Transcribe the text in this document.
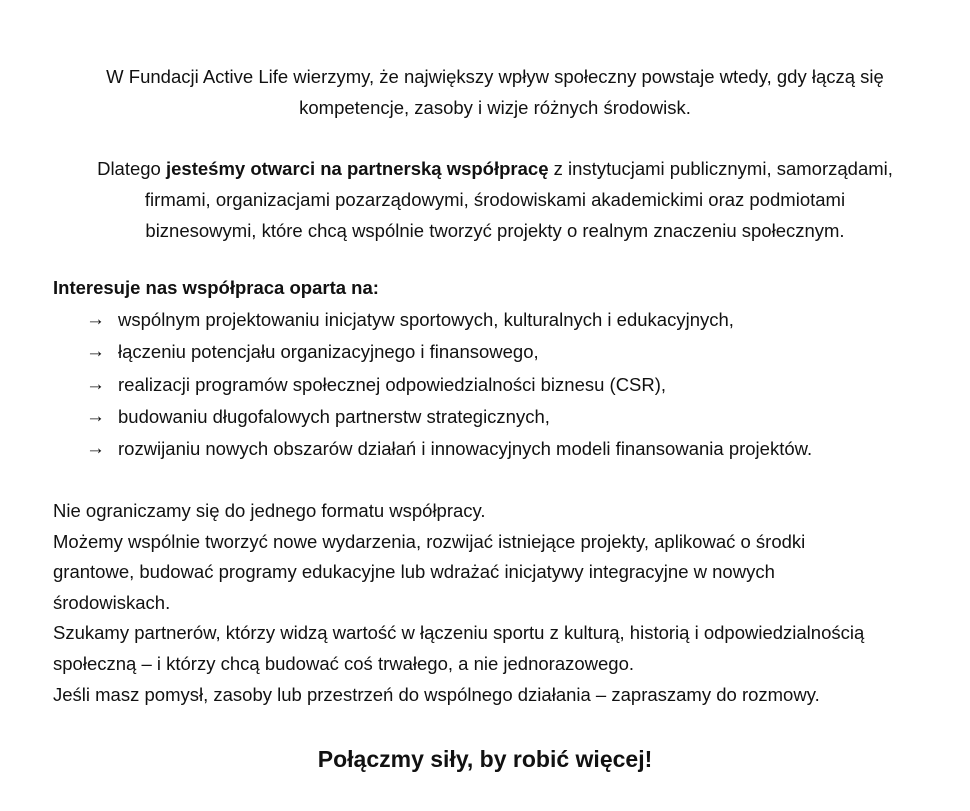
W Fundacji Active Life wierzymy, że największy wpływ społeczny powstaje wtedy, gdy łączą się
kompetencje, zasoby i wizje różnych środowisk.
Dlatego jesteśmy otwarci na partnerską współpracę z instytucjami publicznymi, samorządami,
firmami, organizacjami pozarządowymi, środowiskami akademickimi oraz podmiotami
biznesowymi, które chcą wspólnie tworzyć projekty o realnym znaczeniu społecznym.

Interesuje nas współpraca oparta na:

→ wspólnym projektowaniu inicjatyw sportowych, kulturalnych i edukacyjnych,
→ łączeniu potencjału organizacyjnego i finansowego,
→ realizacji programów społecznej odpowiedzialności biznesu (CSR),
→ budowaniu długofalowych partnerstw strategicznych,
→ rozwijaniu nowych obszarów działań i innowacyjnych modeli finansowania projektów.

Nie ograniczamy się do jednego formatu współpracy.

Możemy wspólnie tworzyć nowe wydarzenia, rozwijać istniejące projekty, aplikować o środki

grantowe, budować programy edukacyjne lub wdrażać inicjatywy integracyjne w nowych

środowiskach.

Szukamy partnerów, którzy widzą wartość w łączeniu sportu z kulturą, historią i odpowiedzialnością

społeczną – i którzy chcą budować coś trwałego, a nie jednorazowego.

Jeśli masz pomysł, zasoby lub przestrzeń do wspólnego działania – zapraszamy do rozmowy.

Połączmy siły, by robić więcej!
